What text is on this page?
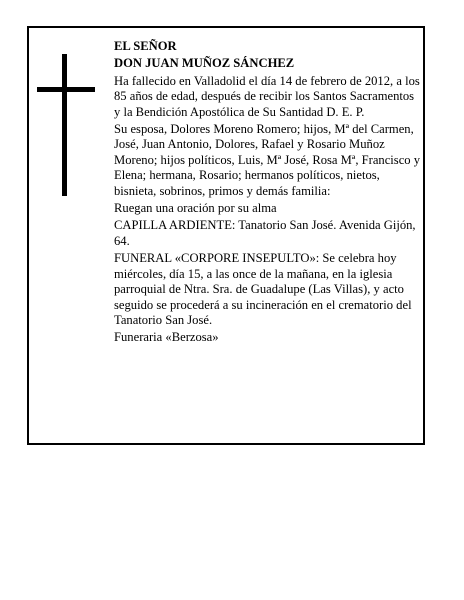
EL SEÑOR

DON JUAN MUÑOZ SÁNCHEZ

Ha fallecido en Valladolid el día 14 de febrero de 2012, a los 85 años de edad, después de recibir los Santos Sacramentos y la Bendición Apostólica de Su Santidad D. E. P.

Su esposa, Dolores Moreno Romero; hijos, Mª del Carmen, José, Juan Antonio, Dolores, Rafael y Rosario Muñoz Moreno; hijos políticos, Luis, Mª José, Rosa Mª, Francisco y Elena; hermana, Rosario; hermanos políticos, nietos, bisnieta, sobrinos, primos y demás familia:

Ruegan una oración por su alma

CAPILLA ARDIENTE: Tanatorio San José. Avenida Gijón, 64.

FUNERAL «CORPORE INSEPULTO»: Se celebra hoy miércoles, día 15, a las once de la mañana, en la iglesia parroquial de Ntra. Sra. de Guadalupe (Las Villas), y acto seguido se procederá a su incineración en el crematorio del Tanatorio San José.

Funeraria «Berzosa»
